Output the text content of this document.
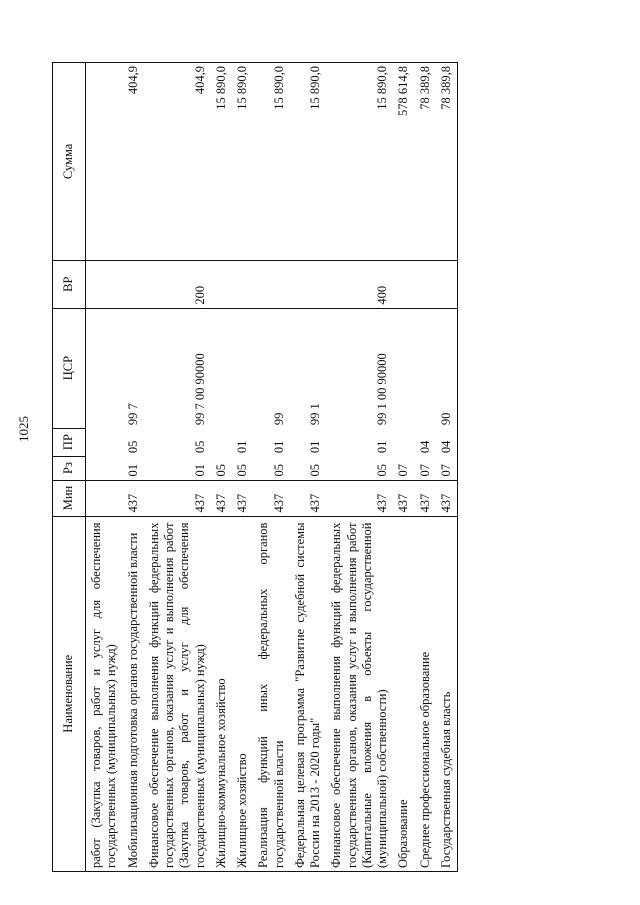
1025
Наименование	Мин	Рз	ПР	ЦСР	ВР	Сумма
работ (Закупка товаров, работ и услуг для обеспечения государственных (муниципальных) нужд)						
Мобилизационная подготовка органов государственной власти	437	01	05	99 7		404,9
Финансовое обеспечение выполнения функций федеральных государственных органов, оказания услуг и выполнения работ (Закупка товаров, работ и услуг для обеспечения государственных (муниципальных) нужд)	437	01	05	99 7 00 90000	200	404,9
Жилищно-коммунальное хозяйство	437	05				15 890,0
Жилищное хозяйство	437	05	01			15 890,0
Реализация функций иных федеральных органов государственной власти	437	05	01	99		15 890,0
Федеральная целевая программа "Развитие судебной системы России на 2013 - 2020 годы"	437	05	01	99 1		15 890,0
Финансовое обеспечение выполнения функций федеральных государственных органов, оказания услуг и выполнения работ (Капитальные вложения в объекты государственной (муниципальной) собственности)	437	05	01	99 1 00 90000	400	15 890,0
Образование	437	07				578 614,8
Среднее профессиональное образование	437	07	04			78 389,8
Государственная судебная власть	437	07	04	90		78 389,8
